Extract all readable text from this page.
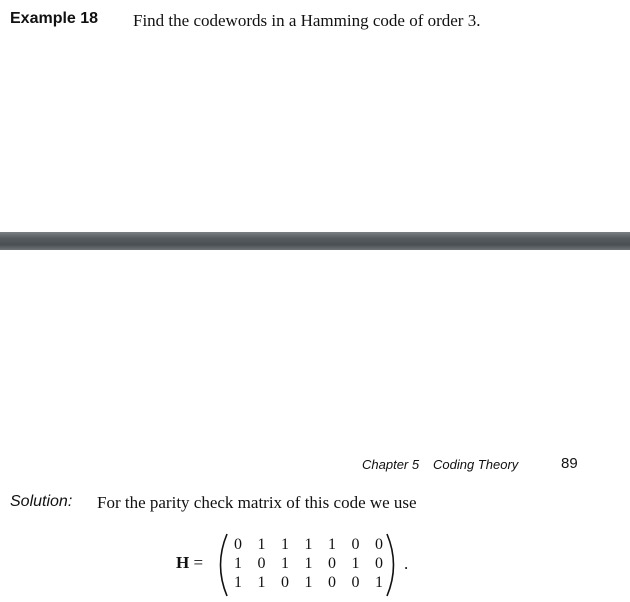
Example 18 Find the codewords in a Hamming code of order 3.
Chapter 5 Coding Theory	89
Solution: For the parity check matrix of this code we use
H =
0 1 1 1 1 0 0
1 0 1 1 0 1 0
1 1 0 1 0 0 1
.
